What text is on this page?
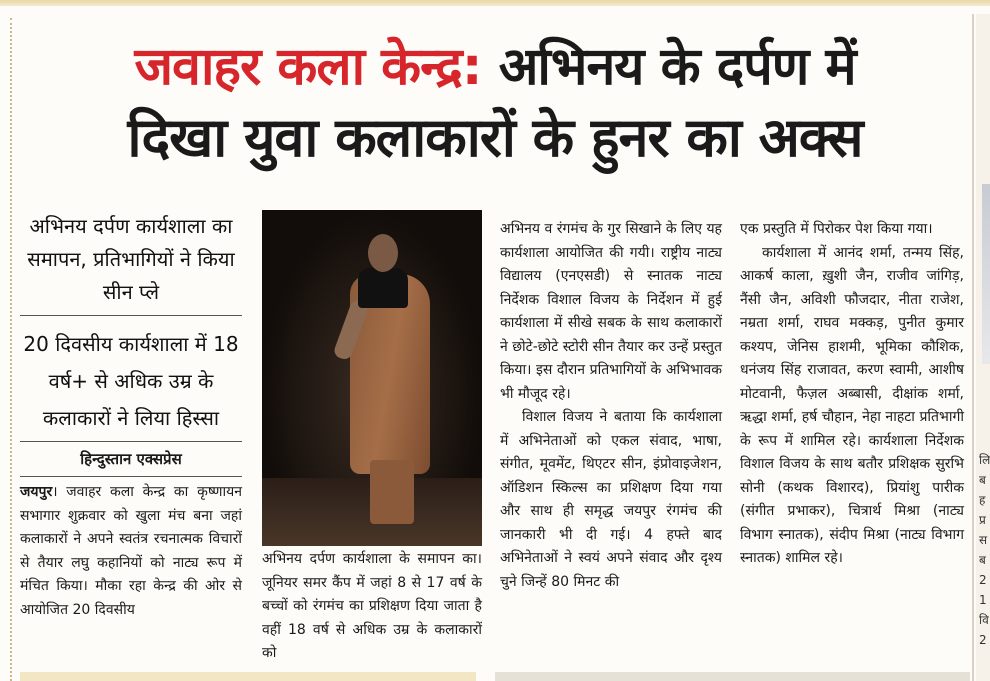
जवाहर कला केन्द्र: अभिनय के दर्पण में
दिखा युवा कलाकारों के हुनर का अक्स
अभिनय दर्पण कार्यशाला का समापन, प्रतिभागियों ने किया सीन प्ले
20 दिवसीय कार्यशाला में 18 वर्ष+ से अधिक उम्र के कलाकारों ने लिया हिस्सा
हिन्दुस्तान एक्सप्रेस

जयपुर। जवाहर कला केन्द्र का कृष्णायन सभागार शुक्रवार को खुला मंच बना जहां कलाकारों ने अपने स्वतंत्र रचनात्मक विचारों से तैयार लघु कहानियों को नाट्य रूप में मंचित किया। मौका रहा केन्द्र की ओर से आयोजित 20 दिवसीय

अभिनय दर्पण कार्यशाला के समापन का। जूनियर समर कैंप में जहां 8 से 17 वर्ष के बच्चों को रंगमंच का प्रशिक्षण दिया जाता है वहीं 18 वर्ष से अधिक उम्र के कलाकारों को

अभिनय व रंगमंच के गुर सिखाने के लिए यह कार्यशाला आयोजित की गयी। राष्ट्रीय नाट्य विद्यालय (एनएसडी) से स्नातक नाट्य निर्देशक विशाल विजय के निर्देशन में हुई कार्यशाला में सीखे सबक के साथ कलाकारों ने छोटे-छोटे स्टोरी सीन तैयार कर उन्हें प्रस्तुत किया। इस दौरान प्रतिभागियों के अभिभावक भी मौजूद रहे।

विशाल विजय ने बताया कि कार्यशाला में अभिनेताओं को एकल संवाद, भाषा, संगीत, मूवमेंट, थिएटर सीन, इंप्रोवाइजेशन, ऑडिशन स्किल्स का प्रशिक्षण दिया गया और साथ ही समृद्ध जयपुर रंगमंच की जानकारी भी दी गई। 4 हफ्ते बाद अभिनेताओं ने स्वयं अपने संवाद और दृश्य चुने जिन्हें 80 मिनट की

एक प्रस्तुति में पिरोकर पेश किया गया।

कार्यशाला में आनंद शर्मा, तन्मय सिंह, आकर्ष काला, ख़ुशी जैन, राजीव जांगिड़, नैंसी जैन, अविशी फौजदार, नीता राजेश, नम्रता शर्मा, राघव मक्कड़, पुनीत कुमार कश्यप, जेनिस हाशमी, भूमिका कौशिक, धनंजय सिंह राजावत, करण स्वामी, आशीष मोटवानी, फैज़ल अब्बासी, दीक्षांक शर्मा, ऋद्धा शर्मा, हर्ष चौहान, नेहा नाहटा प्रतिभागी के रूप में शामिल रहे। कार्यशाला निर्देशक विशाल विजय के साथ बतौर प्रशिक्षक सुरभि सोनी (कथक विशारद), प्रियांशु पारीक (संगीत प्रभाकर), चित्रार्थ मिश्रा (नाट्य विभाग स्नातक), संदीप मिश्रा (नाट्य विभाग स्नातक) शामिल रहे।

लि
ब
ह
प्र
स
ब
2
1
वि
2
